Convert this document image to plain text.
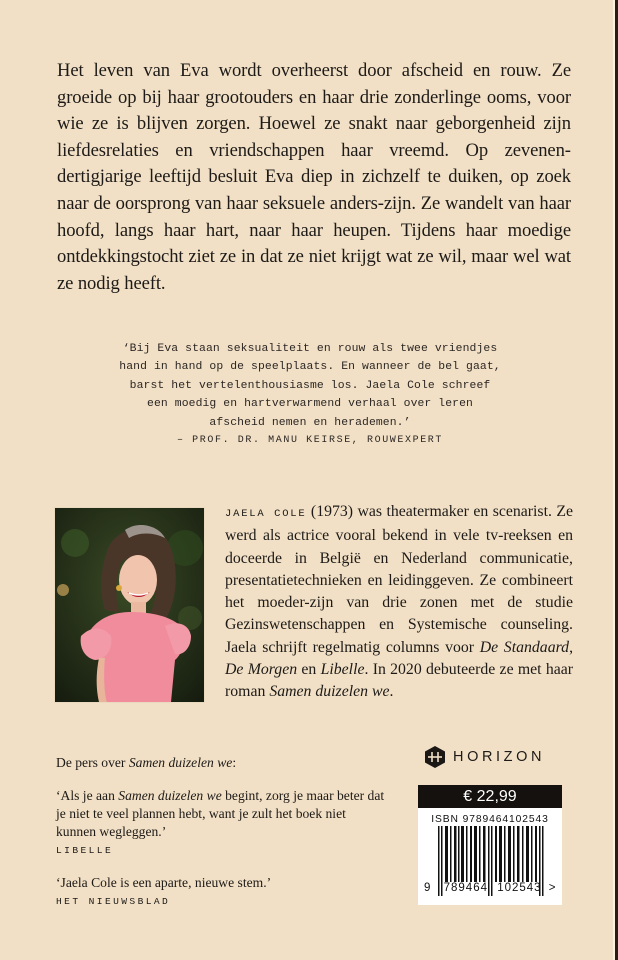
Het leven van Eva wordt overheerst door afscheid en rouw. Ze groeide op bij haar grootouders en haar drie zonderlinge ooms, voor wie ze is blijven zorgen. Hoewel ze snakt naar geborgenheid zijn liefdesrelaties en vriendschappen haar vreemd. Op zevenendertigjarige leeftijd besluit Eva diep in zichzelf te duiken, op zoek naar de oorsprong van haar seksuele anders-zijn. Ze wandelt van haar hoofd, langs haar hart, naar haar heupen. Tijdens haar moedige ontdekkingstocht ziet ze in dat ze niet krijgt wat ze wil, maar wel wat ze nodig heeft.

‘Bij Eva staan seksualiteit en rouw als twee vriendjes
hand in hand op de speelplaats. En wanneer de bel gaat,
barst het vertelenthousiasme los. Jaela Cole schreef
een moedig en hartverwarmend verhaal over leren
afscheid nemen en herademen.’
– PROF. DR. MANU KEIRSE, ROUWEXPERT
JAELA COLE (1973) was theatermaker en scenarist. Ze werd als actrice vooral bekend in vele tv-reeksen en doceerde in België en Nederland communicatie, presentatietechnieken en leidinggeven. Ze combineert het moeder-zijn van drie zonen met de studie Gezinswetenschappen en Systemische counseling. Jaela schrijft regelmatig columns voor De Standaard, De Morgen en Libelle. In 2020 debuteerde ze met haar roman Samen duizelen we.
De pers over Samen duizelen we:

‘Als je aan Samen duizelen we begint, zorg je maar beter dat je niet te veel plannen hebt, want je zult het boek niet kunnen wegleggen.’

LIBELLE

‘Jaela Cole is een aparte, nieuwe stem.’

HET NIEUWSBLAD
HORIZON
€ 22,99
ISBN 9789464102543
9 789464 102543 >
